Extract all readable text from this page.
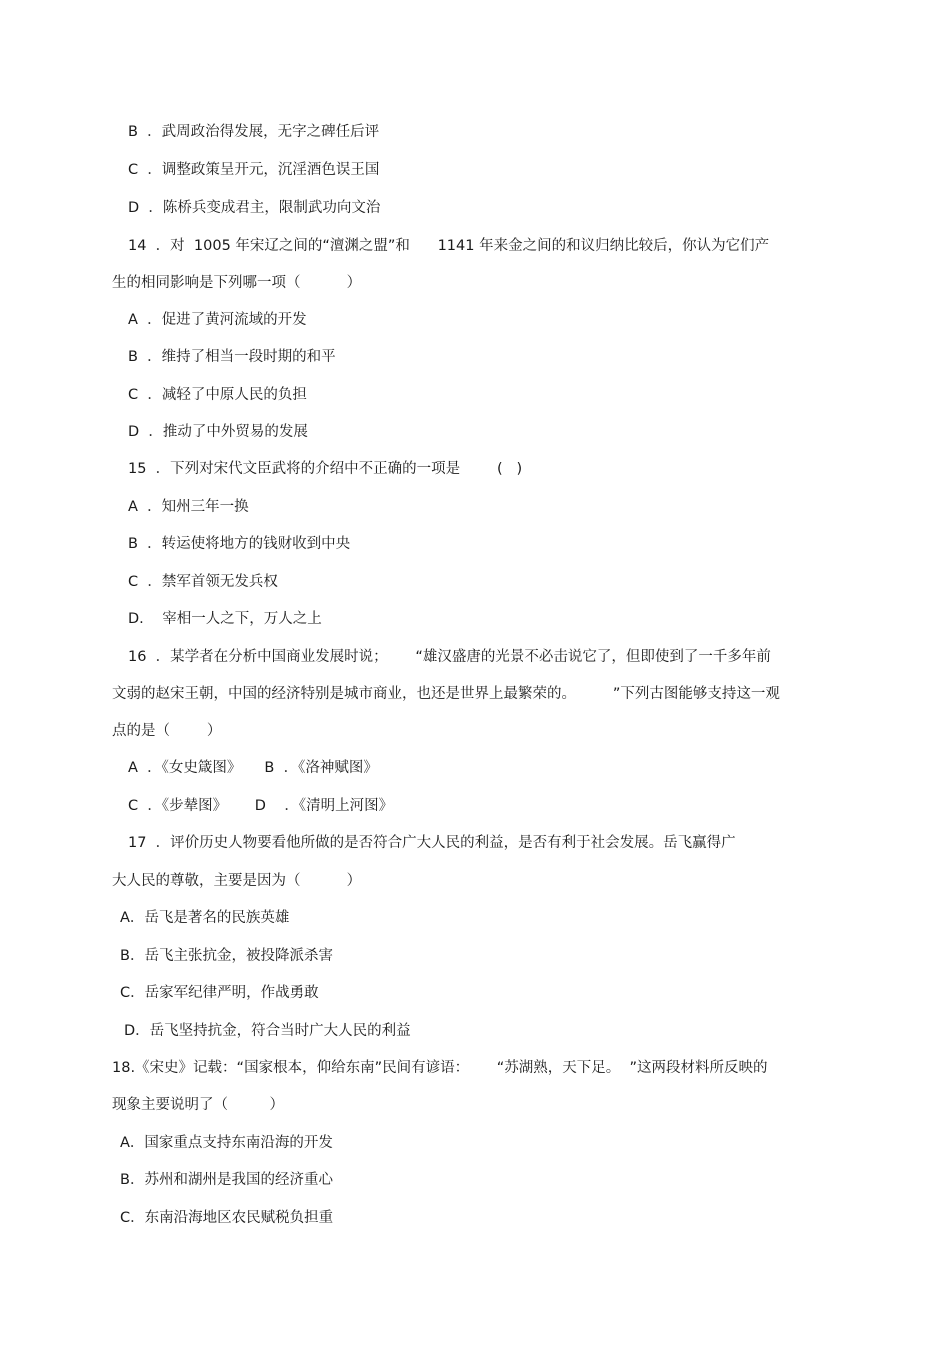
B  ．武周政治得发展，无字之碑任后评
C  ．调整政策呈开元，沉淫酒色误王国
D  ．陈桥兵变成君主，限制武功向文治
14  ．对  1005 年宋辽之间的“澶渊之盟”和      1141 年来金之间的和议归纳比较后，你认为它们产
生的相同影响是下列哪一项（          ）
A  ．促进了黄河流域的开发
B  ．维持了相当一段时期的和平
C  ．减轻了中原人民的负担
D  ．推动了中外贸易的发展
15  ．下列对宋代文臣武将的介绍中不正确的一项是        (   )
A  ．知州三年一换
B  ．转运使将地方的钱财收到中央
C  ．禁军首领无发兵权
D.    宰相一人之下，万人之上
16  ．某学者在分析中国商业发展时说；      “雄汉盛唐的光景不必击说它了，但即使到了一千多年前
文弱的赵宋王朝，中国的经济特别是城市商业，也还是世界上最繁荣的。        ”下列古图能够支持这一观
点的是（        ）
A  ．《女史箴图》     B  ．《洛神赋图》
C  ．《步辇图》      D    ．《清明上河图》
17  ．评价历史人物要看他所做的是否符合广大人民的利益，是否有利于社会发展。岳飞赢得广
大人民的尊敬，主要是因为（          ）
A．岳飞是著名的民族英雄
B．岳飞主张抗金，被投降派杀害
C．岳家军纪律严明，作战勇敢
D．岳飞坚持抗金，符合当时广大人民的利益
18.《宋史》记载：“国家根本，仰给东南”民间有谚语：      “苏湖熟，天下足。  ”这两段材料所反映的
现象主要说明了（         ）
A．国家重点支持东南沿海的开发
B．苏州和湖州是我国的经济重心
C．东南沿海地区农民赋税负担重
